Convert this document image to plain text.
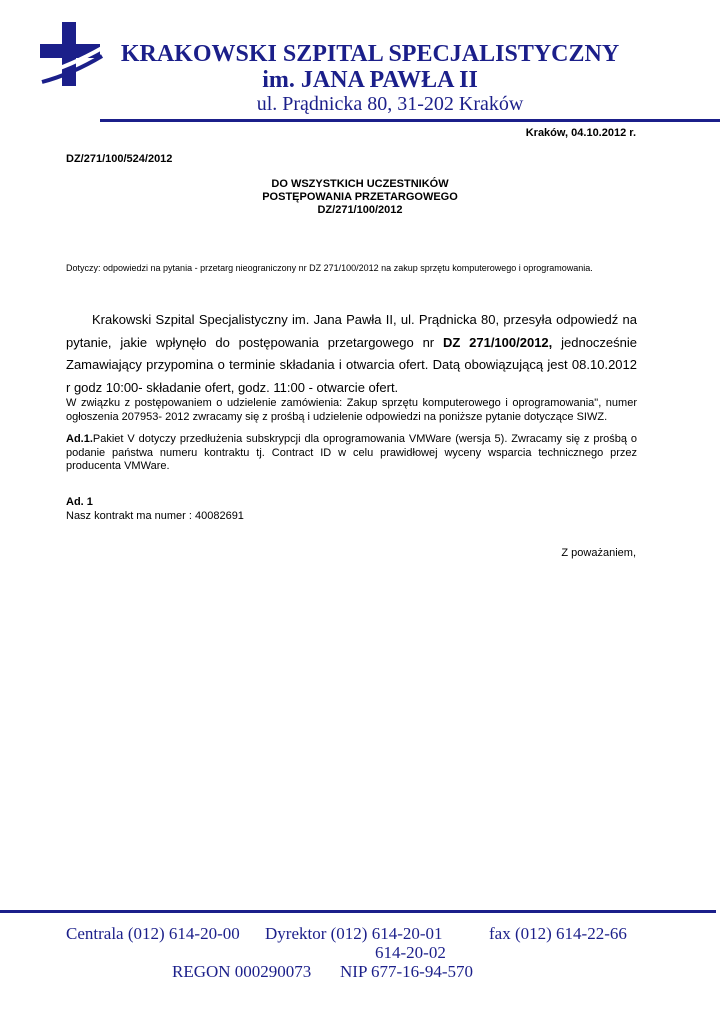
KRAKOWSKI SZPITAL SPECJALISTYCZNY
im. JANA PAWŁA II
ul. Prądnicka 80, 31-202 Kraków
Kraków, 04.10.2012 r.
DZ/271/100/524/2012
DO WSZYSTKICH UCZESTNIKÓW
POSTĘPOWANIA PRZETARGOWEGO
DZ/271/100/2012
Dotyczy: odpowiedzi na pytania - przetarg nieograniczony nr DZ 271/100/2012 na zakup sprzętu komputerowego i oprogramowania.
Krakowski Szpital Specjalistyczny im. Jana Pawła II, ul. Prądnicka 80, przesyła odpowiedź na pytanie, jakie wpłynęło do postępowania przetargowego nr DZ 271/100/2012, jednocześnie Zamawiający przypomina o terminie składania i otwarcia ofert. Datą obowiązującą jest 08.10.2012 r godz 10:00- składanie ofert, godz. 11:00 - otwarcie ofert.
W związku z postępowaniem o udzielenie zamówienia: Zakup sprzętu komputerowego i oprogramowania", numer ogłoszenia 207953- 2012 zwracamy się z prośbą i udzielenie odpowiedzi na poniższe pytanie dotyczące SIWZ.
Ad.1.Pakiet V dotyczy przedłużenia subskrypcji dla oprogramowania VMWare (wersja 5). Zwracamy się z prośbą o podanie państwa numeru kontraktu tj. Contract ID w celu prawidłowej wyceny wsparcia technicznego przez producenta VMWare.
Ad. 1
Nasz kontrakt ma numer : 40082691
Z poważaniem,
Centrala (012) 614-20-00 Dyrektor (012) 614-20-01
614-20-02
fax (012) 614-22-66
REGON 000290073 NIP 677-16-94-570
